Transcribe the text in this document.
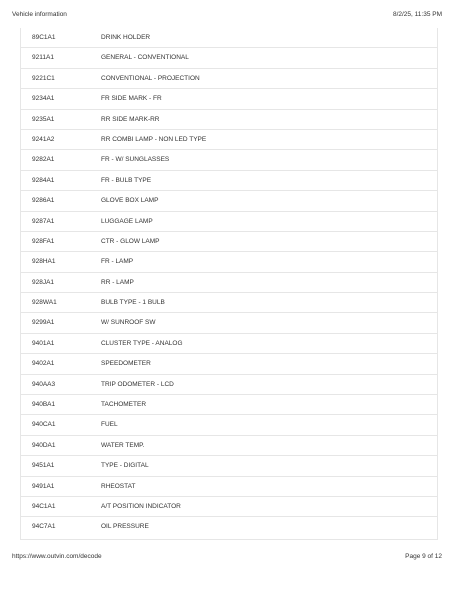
Vehicle information	8/2/25, 11:35 PM
89C1A1	DRINK HOLDER
9211A1	GENERAL - CONVENTIONAL
9221C1	CONVENTIONAL - PROJECTION
9234A1	FR SIDE MARK - FR
9235A1	RR SIDE MARK-RR
9241A2	RR COMBI LAMP - NON LED TYPE
9282A1	FR - W/ SUNGLASSES
9284A1	FR - BULB TYPE
9286A1	GLOVE BOX LAMP
9287A1	LUGGAGE LAMP
928FA1	CTR - GLOW LAMP
928HA1	FR - LAMP
928JA1	RR - LAMP
928WA1	BULB TYPE - 1 BULB
9299A1	W/ SUNROOF SW
9401A1	CLUSTER TYPE - ANALOG
9402A1	SPEEDOMETER
940AA3	TRIP ODOMETER - LCD
940BA1	TACHOMETER
940CA1	FUEL
940DA1	WATER TEMP.
9451A1	TYPE - DIGITAL
9491A1	RHEOSTAT
94C1A1	A/T POSITION INDICATOR
94C7A1	OIL PRESSURE
https://www.outvin.com/decode	Page 9 of 12
